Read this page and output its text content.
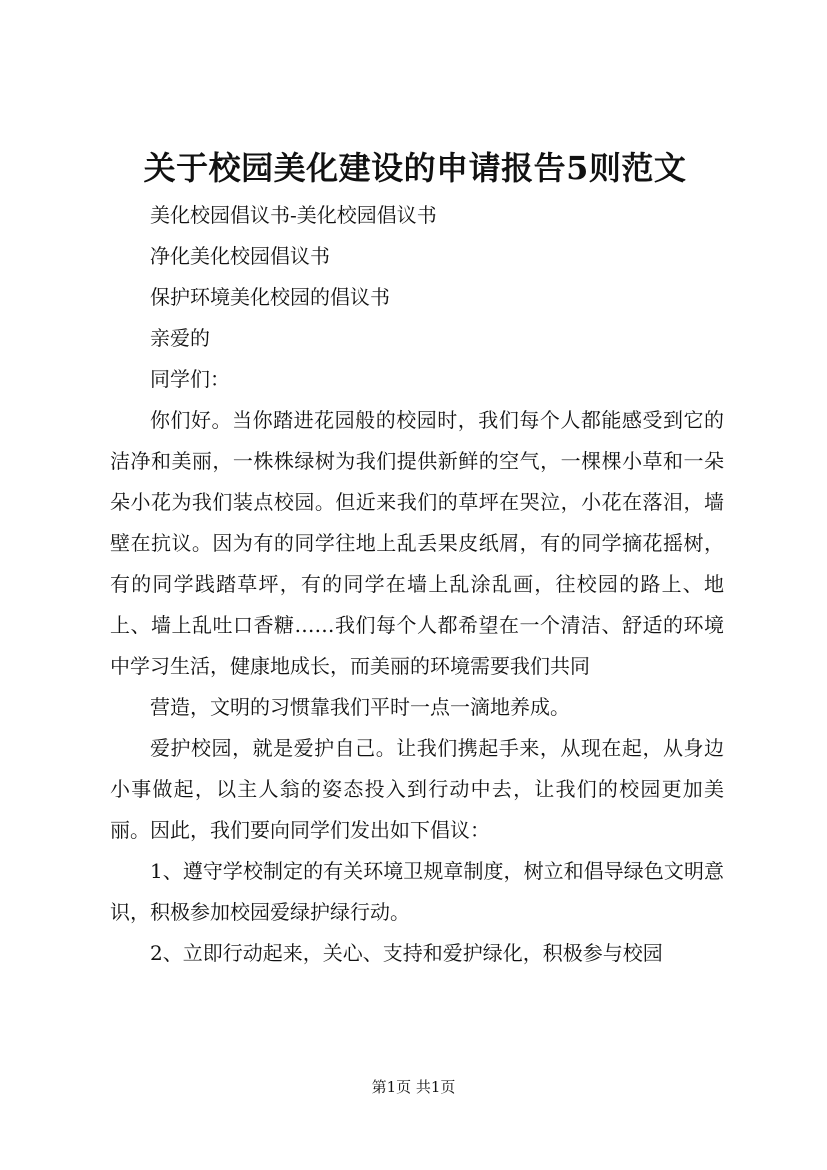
关于校园美化建设的申请报告5则范文

美化校园倡议书-美化校园倡议书

净化美化校园倡议书

保护环境美化校园的倡议书

亲爱的

同学们：

你们好。当你踏进花园般的校园时，我们每个人都能感受到它的洁净和美丽，一株株绿树为我们提供新鲜的空气，一棵棵小草和一朵朵小花为我们装点校园。但近来我们的草坪在哭泣，小花在落泪，墙壁在抗议。因为有的同学往地上乱丢果皮纸屑，有的同学摘花摇树，有的同学践踏草坪，有的同学在墙上乱涂乱画，往校园的路上、地上、墙上乱吐口香糖……我们每个人都希望在一个清洁、舒适的环境中学习生活，健康地成长，而美丽的环境需要我们共同

营造，文明的习惯靠我们平时一点一滴地养成。

爱护校园，就是爱护自己。让我们携起手来，从现在起，从身边小事做起，以主人翁的姿态投入到行动中去，让我们的校园更加美丽。因此，我们要向同学们发出如下倡议：

1、遵守学校制定的有关环境卫规章制度，树立和倡导绿色文明意识，积极参加校园爱绿护绿行动。

2、立即行动起来，关心、支持和爱护绿化，积极参与校园

第1页 共1页
